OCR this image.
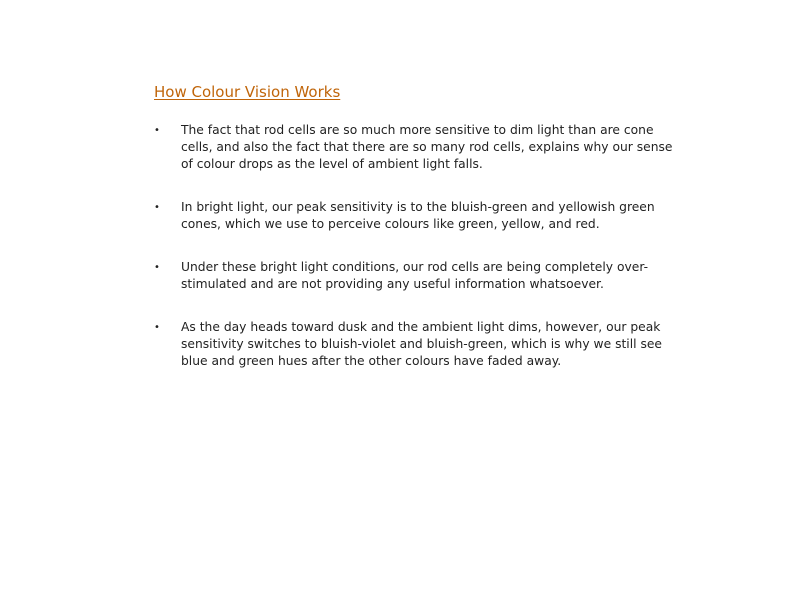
How Colour Vision Works
• The fact that rod cells are so much more sensitive to dim light than are cone cells, and also the fact that there are so many rod cells, explains why our sense of colour drops as the level of ambient light falls.
• In bright light, our peak sensitivity is to the bluish-green and yellowish green cones, which we use to perceive colours like green, yellow, and red.
• Under these bright light conditions, our rod cells are being completely over-stimulated and are not providing any useful information whatsoever.
• As the day heads toward dusk and the ambient light dims, however, our peak sensitivity switches to bluish-violet and bluish-green, which is why we still see blue and green hues after the other colours have faded away.
